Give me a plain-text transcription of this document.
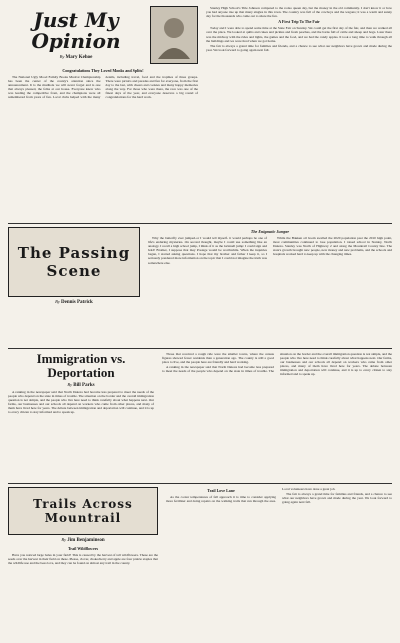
Just My Opinion
By Mary Kehoe
Congratulations They Loved Monks and Splits!

The National Ugly Mood Family Books Mudcat Championship has been the center of the county's attention since the announcement. It is the mudhole we will never forget and is one that always pleased, the folks at our house. Everyone knew who was leading the competitive front, and the champions were all remembered from years of fun. Local clubs helped with the many details, including travel, food and the trophies of three groups. There were picnics and parades and fun for everyone, from the first day to the last, with cheers and cookies and many happy memories along the way. For those who were there, the race was one of the finest days of the year, and everyone deserves a big round of congratulations for the hard work.

Stanley High School's Title Johnson compared to the rodeo queen day, but the money in the old community. I don't know it or how you had anyone rise up that many singles in this town. The country was full of the cowboys and the wagons; it was a warm and sunny day for the thousands who came out to share the fun.

A First Trip To The Fair

Today and I were able to spend some time at the State Fair on Sunday. We could get the first day of the fair, and then we walked all over the place. We looked at quilts and cakes and pickles and fresh peaches, and the barns full of cattle and sheep and hogs. Later there was the midway with the rides and lights, the games and the food, and we had the candy apples. It took a long time to walk through all the buildings and we were tired when we got home.

The fair is always a grand time for families and friends, and a chance to see what our neighbors have grown and made during the year. We look forward to going again next fall.

The Passing
Scene
By Dennis Patrick
The Enigmatic Jumper

Why the butterfly ever jumped-or I would tell myself- it would perhaps be one of life's enduring mysteries. On second thought, maybe I could use something like an analogy. I recall a high school jump, I think of it as the Grinnell jump: I could sign and hold! Brother, I suppose that may Postage would be worthwhile. When the inquiries began, I started asking questions. I hope that my brother and father I keep it, so I seriously pondered more information on the topic that I could not imagine the truth was somewhere else.

While the Bakken oil boom swelled the 2020 population past the 2010 high point, most communities continued to lose population. I raised school in Stanley, North Dakota. Stanley was North of Highway 2 and along the Mountrail County line. The state's growth brought new people, new money and new problems, and the schools and hospitals worked hard to keep up with the changing times.

Immigration vs.
Deportation
By Bill Parks

A ranking in the newspaper said that North Dakota had become less prepared to meet the needs of the people who depend on the state in times of trouble. The situation on the border and the overall immigration question is not simple, and the people who live here need to think carefully about what happens next. Our farms, our businesses and our schools all depend on workers who came from other places, and many of them have lived here for years. The debate between immigration and deportation will continue, and it is up to every citizen to stay informed and to speak up.

Those that received a rough ride were the smaller towns, where the census figures showed fewer residents than a generation ago. The county is still a good place to live, and the people here are friendly and hard working.

A ranking in the newspaper said that North Dakota had become less prepared to meet the needs of the people who depend on the state in times of trouble. The situation on the border and the overall immigration question is not simple, and the people who live here need to think carefully about what happens next. Our farms, our businesses and our schools all depend on workers who came from other places, and many of them have lived here for years. The debate between immigration and deportation will continue, and it is up to every citizen to stay informed and to speak up.

Trails Across
Mountrail
By Jim Benjaminson
Trail Wildflowers

Have you noticed large bales in your field? This is caused by the harvest of tall wildflowers. These are the seeds over the harvest in their field on these. Please, clover, chokecherry and apple are four prairie staples that the wildlife use and the bees love, and they can be found on almost any trail in the county.

Trail Love Lane

As the cooler temperatures of fall approach it is time to consider applying more fertilizer and doing repairs on the walking trails that run through the area. Local volunteers have done a great job.

The fair is always a grand time for families and friends, and a chance to see what our neighbors have grown and made during the year. We look forward to going again next fall.
